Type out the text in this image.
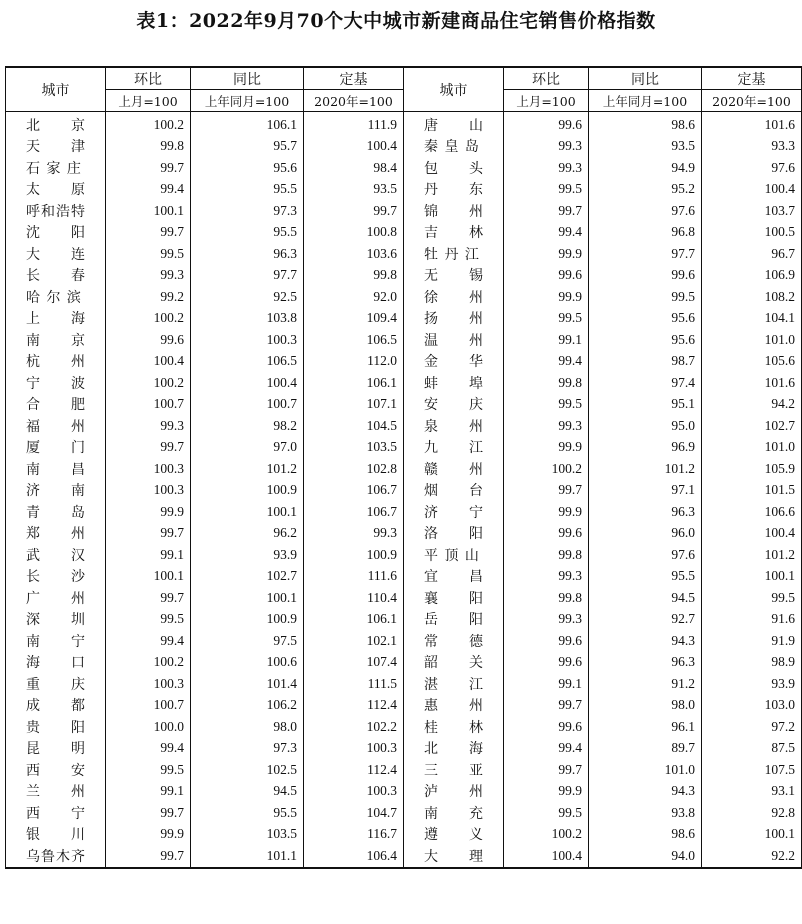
表1：2022年9月70个大中城市新建商品住宅销售价格指数
城市	环比	同比	定基	城市	环比	同比	定基
	上月=100	上年同月=100	2020年=100		上月=100	上年同月=100	2020年=100
北　　京	100.2	106.1	111.9	唐　　山	99.6	98.6	101.6
天　　津	99.8	95.7	100.4	秦 皇 岛	99.3	93.5	93.3
石 家 庄	99.7	95.6	98.4	包　　头	99.3	94.9	97.6
太　　原	99.4	95.5	93.5	丹　　东	99.5	95.2	100.4
呼和浩特	100.1	97.3	99.7	锦　　州	99.7	97.6	103.7
沈　　阳	99.7	95.5	100.8	吉　　林	99.4	96.8	100.5
大　　连	99.5	96.3	103.6	牡 丹 江	99.9	97.7	96.7
长　　春	99.3	97.7	99.8	无　　锡	99.6	99.6	106.9
哈 尔 滨	99.2	92.5	92.0	徐　　州	99.9	99.5	108.2
上　　海	100.2	103.8	109.4	扬　　州	99.5	95.6	104.1
南　　京	99.6	100.3	106.5	温　　州	99.1	95.6	101.0
杭　　州	100.4	106.5	112.0	金　　华	99.4	98.7	105.6
宁　　波	100.2	100.4	106.1	蚌　　埠	99.8	97.4	101.6
合　　肥	100.7	100.7	107.1	安　　庆	99.5	95.1	94.2
福　　州	99.3	98.2	104.5	泉　　州	99.3	95.0	102.7
厦　　门	99.7	97.0	103.5	九　　江	99.9	96.9	101.0
南　　昌	100.3	101.2	102.8	赣　　州	100.2	101.2	105.9
济　　南	100.3	100.9	106.7	烟　　台	99.7	97.1	101.5
青　　岛	99.9	100.1	106.7	济　　宁	99.9	96.3	106.6
郑　　州	99.7	96.2	99.3	洛　　阳	99.6	96.0	100.4
武　　汉	99.1	93.9	100.9	平 顶 山	99.8	97.6	101.2
长　　沙	100.1	102.7	111.6	宜　　昌	99.3	95.5	100.1
广　　州	99.7	100.1	110.4	襄　　阳	99.8	94.5	99.5
深　　圳	99.5	100.9	106.1	岳　　阳	99.3	92.7	91.6
南　　宁	99.4	97.5	102.1	常　　德	99.6	94.3	91.9
海　　口	100.2	100.6	107.4	韶　　关	99.6	96.3	98.9
重　　庆	100.3	101.4	111.5	湛　　江	99.1	91.2	93.9
成　　都	100.7	106.2	112.4	惠　　州	99.7	98.0	103.0
贵　　阳	100.0	98.0	102.2	桂　　林	99.6	96.1	97.2
昆　　明	99.4	97.3	100.3	北　　海	99.4	89.7	87.5
西　　安	99.5	102.5	112.4	三　　亚	99.7	101.0	107.5
兰　　州	99.1	94.5	100.3	泸　　州	99.9	94.3	93.1
西　　宁	99.7	95.5	104.7	南　　充	99.5	93.8	92.8
银　　川	99.9	103.5	116.7	遵　　义	100.2	98.6	100.1
乌鲁木齐	99.7	101.1	106.4	大　　理	100.4	94.0	92.2
